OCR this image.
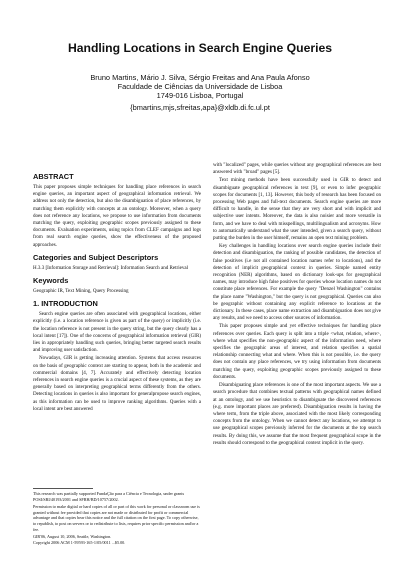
Handling Locations in Search Engine Queries
Bruno Martins, Mário J. Silva, Sérgio Freitas and Ana Paula Afonso
Faculdade de Ciências da Universidade de Lisboa
1749-016 Lisboa, Portugal
{bmartins,mjs,sfreitas,apa}@xldb.di.fc.ul.pt
ABSTRACT

This paper proposes simple techniques for handling place references in search engine queries, an important aspect of geographical information retrieval. We address not only the detection, but also the disambiguation of place references, by matching them explicitly with concepts at an ontology. Moreover, when a query does not reference any locations, we propose to use information from documents matching the query, exploiting geographic scopes previously assigned to these documents. Evaluation experiments, using topics from CLEF campaigns and logs from real search engine queries, show the effectiveness of the proposed approaches.

Categories and Subject Descriptors

H.3.3 [Information Storage and Retrieval]: Information Search and Retrieval

Keywords

Geographic IR, Text Mining, Query Processing

1. INTRODUCTION

Search engine queries are often associated with geographical locations, either explicitly (i.e. a location reference is given as part of the query) or implicitly (i.e. the location reference is not present in the query string, but the query clearly has a local intent [17]). One of the concerns of geographical information retrieval (GIR) lies in appropriately handling such queries, bringing better targeted search results and improving user satisfaction.

Nowadays, GIR is getting increasing attention. Systems that access resources on the basis of geographic context are starting to appear, both in the academic and commercial domains [4, 7]. Accurately and effectively detecting location references in search engine queries is a crucial aspect of these systems, as they are generally based on interpreting geographical terms differently from the others. Detecting locations in queries is also important for generalpropose search engines, as this information can be used to improve ranking algorithms. Queries with a local intent are best answered

This research was partially supported FundaÇão para a Ciência e Tecnologia, under grants POSI/SRI/40193/2001 and SFRH/BD/10757/2002.

Permission to make digital or hard copies of all or part of this work for personal or classroom use is granted without fee provided that copies are not made or distributed for profit or commercial advantage and that copies bear this notice and the full citation on the first page. To copy otherwise, to republish, to post on servers or to redistribute to lists, requires prior specific permission and/or a fee.

GIR'06, August 10, 2006, Seattle, Washington.

Copyright 2006 ACM 1-59593-165-1/05/0011 ...$5.00.

with "localized" pages, while queries without any geographical references are best answered with "broad" pages [5].

Text mining methods have been successfully used in GIR to detect and disambiguate geographical references in text [9], or even to infer geographic scopes for documents [1, 13]. However, this body of research has been focused on processing Web pages and full-text documents. Search engine queries are more difficult to handle, in the sense that they are very short and with implicit and subjective user intents. Moreover, the data is also noisier and more versatile in form, and we have to deal with misspellings, multilingualism and acronyms. How to automatically understand what the user intended, given a search query, without putting the burden in the user himself, remains an open text mining problem.

Key challenges in handling locations over search engine queries include their detection and disambiguation, the ranking of possible candidates, the detection of false positives (i.e not all contained location names refer to locations), and the detection of implicit geographical context in queries. Simple named entity recognition (NER) algorithms, based on dictionary look-ups for geographical names, may introduce high false positives for queries whose location names do not constitute place references. For example the query "Denzel Washington" contains the place name "Washington," but the query is not geographical. Queries can also be geographic without containing any explicit reference to locations at the dictionary. In these cases, place name extraction and disambiguation does not give any results, and we need to access other sources of information.

This paper proposes simple and yet effective techniques for handling place references over queries. Each query is split into a triple <what, relation, where>, where what specifies the non-geographic aspect of the information need, where specifies the geographic areas of interest, and relation specifies a spatial relationship connecting what and where. When this is not possible, i.e. the query does not contain any place references, we try using information from documents matching the query, exploiting geographic scopes previously assigned to these documents.

Disambiguating place references is one of the most important aspects. We use a search procedure that combines textual patterns with geographical names defined at an ontology, and we use heuristics to disambiguate the discovered references (e.g. more important places are preferred). Disambiguation results in having the where term, from the triple above, associated with the most likely corresponding concepts from the ontology. When we cannot detect any locations, we attempt to use geographical scopes previously inferred for the documents at the top search results. By doing this, we assume that the most frequent geographical scope in the results should correspond to the geographical context implicit in the query.
